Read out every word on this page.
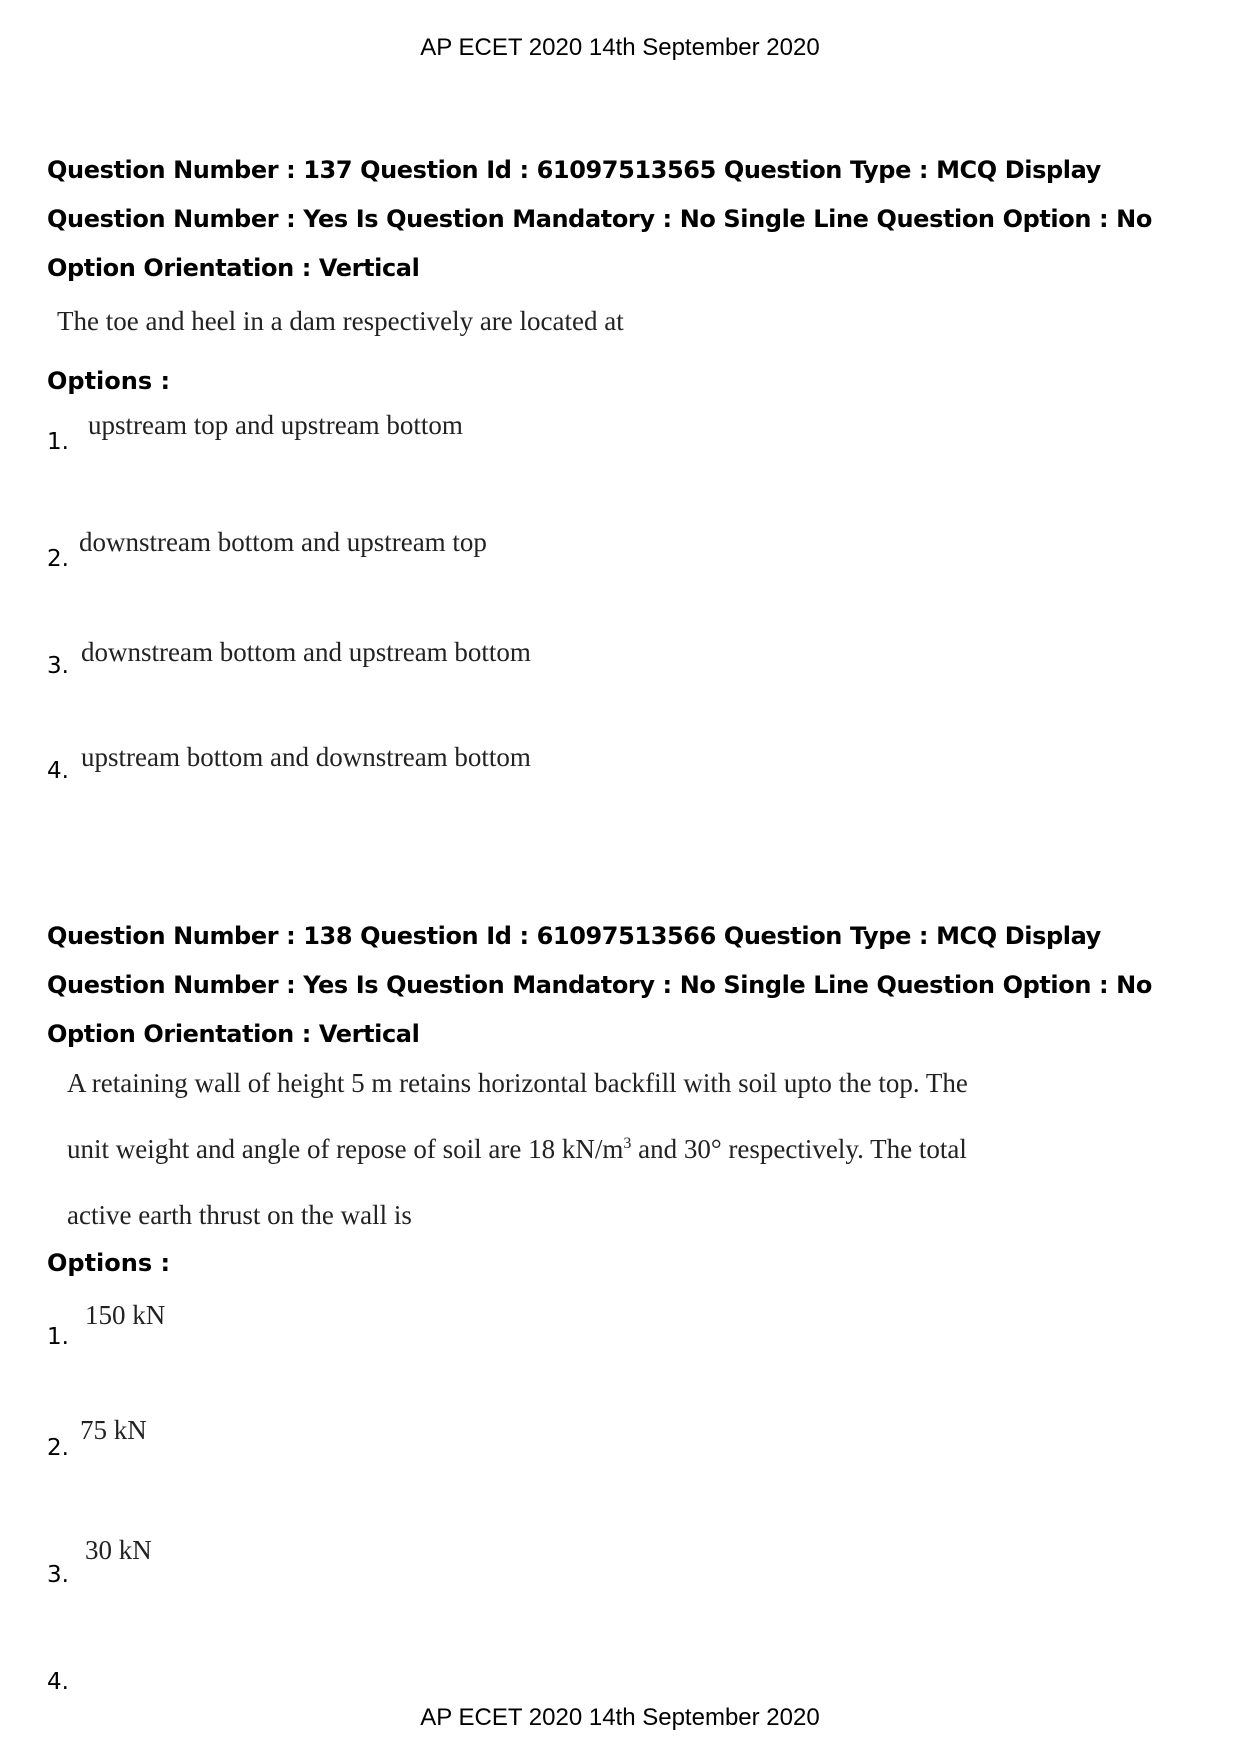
AP ECET 2020 14th September 2020

Question Number : 137 Question Id : 61097513565 Question Type : MCQ Display Question Number : Yes Is Question Mandatory : No Single Line Question Option : No Option Orientation : Vertical

The toe and heel in a dam respectively are located at
Options :
1.
upstream top and upstream bottom
2.
downstream bottom and upstream top
3. downstream bottom and upstream bottom
4. upstream bottom and downstream bottom

Question Number : 138 Question Id : 61097513566 Question Type : MCQ Display Question Number : Yes Is Question Mandatory : No Single Line Question Option : No Option Orientation : Vertical

A retaining wall of height 5 m retains horizontal backfill with soil upto the top. The
unit weight and angle of repose of soil are 18 $kN/m^3$ and 30° respectively. The total
active earth thrust on the wall is
Options :
1.
150 kN
2.
75 kN
3.
30 kN
4.
AP ECET 2020 14th September 2020
